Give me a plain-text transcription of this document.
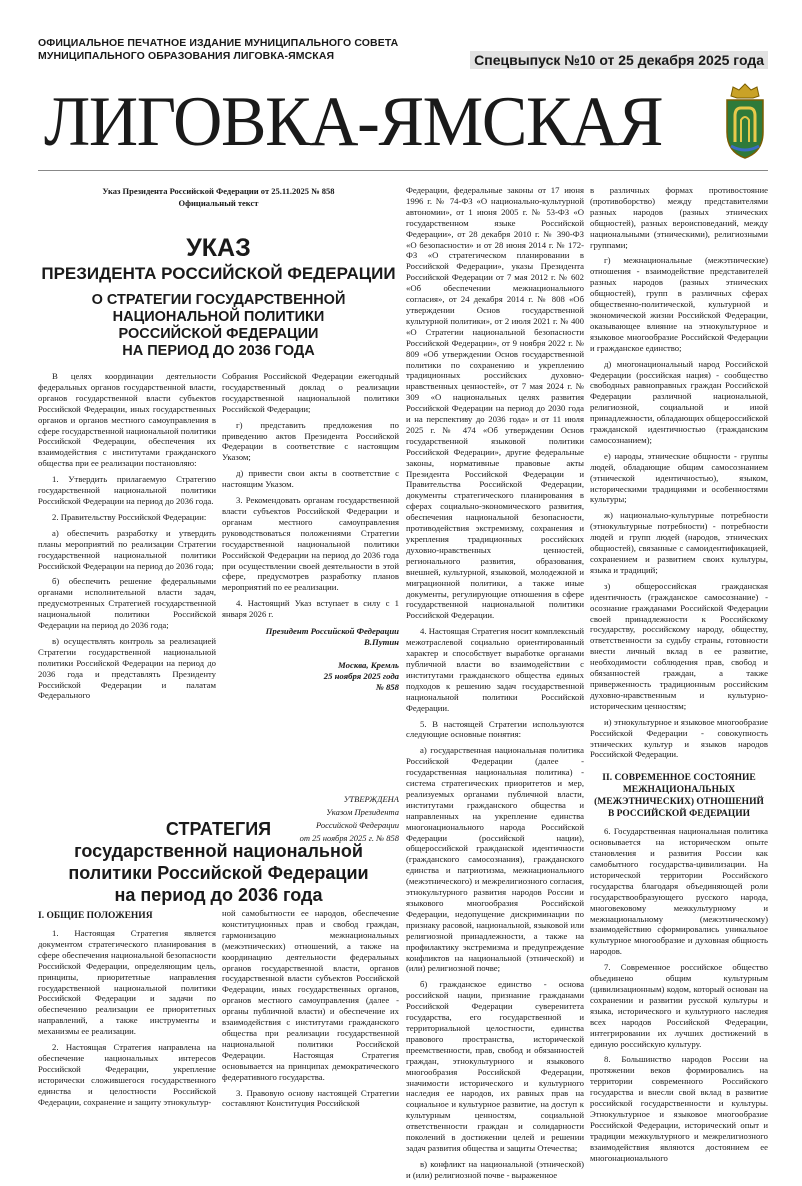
ОФИЦИАЛЬНОЕ ПЕЧАТНОЕ ИЗДАНИЕ МУНИЦИПАЛЬНОГО СОВЕТА
МУНИЦИПАЛЬНОГО ОБРАЗОВАНИЯ ЛИГОВКА-ЯМСКАЯ	Спецвыпуск №10 от 25 декабря 2025 года
ЛИГОВКА-ЯМСКАЯ
Указ Президента Российской Федерации от 25.11.2025 № 858
Официальный текст
УКАЗ
ПРЕЗИДЕНТА РОССИЙСКОЙ ФЕДЕРАЦИИ
О СТРАТЕГИИ ГОСУДАРСТВЕННОЙ
НАЦИОНАЛЬНОЙ ПОЛИТИКИ
РОССИЙСКОЙ ФЕДЕРАЦИИ
НА ПЕРИОД ДО 2036 ГОДА

В целях координации деятельности федеральных органов государственной власти, органов государственной власти субъектов Российской Федерации, иных государственных органов и органов местного самоуправления в сфере государственной национальной политики Российской Федерации, обеспечения их взаимодействия с институтами гражданского общества при ее реализации постановляю:

1. Утвердить прилагаемую Стратегию государственной национальной политики Российской Федерации на период до 2036 года.

2. Правительству Российской Федерации:

а) обеспечить разработку и утвердить планы мероприятий по реализации Стратегии государственной национальной политики Российской Федерации на период до 2036 года;

б) обеспечить решение федеральными органами исполнительной власти задач, предусмотренных Стратегией государственной национальной политики Российской Федерации на период до 2036 года;

в) осуществлять контроль за реализацией Стратегии государственной национальной политики Российской Федерации на период до 2036 года и представлять Президенту Российской Федерации и палатам Федерального

Собрания Российской Федерации ежегодный государственный доклад о реализации государственной национальной политики Российской Федерации;

г) представить предложения по приведению актов Президента Российской Федерации в соответствие с настоящим Указом;

д) привести свои акты в соответствие с настоящим Указом.

3. Рекомендовать органам государственной власти субъектов Российской Федерации и органам местного самоуправления руководствоваться положениями Стратегии государственной национальной политики Российской Федерации на период до 2036 года при осуществлении своей деятельности в этой сфере, предусмотрев разработку планов мероприятий по ее реализации.

4. Настоящий Указ вступает в силу с 1 января 2026 г.

Президент Российской Федерации
В.Путин
Москва, Кремль
25 ноября 2025 года
№ 858
УТВЕРЖДЕНА
Указом Президента
Российской Федерации
от 25 ноября 2025 г. № 858
СТРАТЕГИЯ
государственной национальной
политики Российской Федерации
на период до 2036 года
I. ОБЩИЕ ПОЛОЖЕНИЯ

1. Настоящая Стратегия является документом стратегического планирования в сфере обеспечения национальной безопасности Российской Федерации, определяющим цель, принципы, приоритетные направления государственной национальной политики Российской Федерации и задачи по обеспечению реализации ее приоритетных направлений, а также инструменты и механизмы ее реализации.

2. Настоящая Стратегия направлена на обеспечение национальных интересов Российской Федерации, укрепление исторически сложившегося государственного единства и целостности Российской Федерации, сохранение и защиту этнокультур-

ной самобытности ее народов, обеспечение конституционных прав и свобод граждан, гармонизацию межнациональных (межэтнических) отношений, а также на координацию деятельности федеральных органов государственной власти, органов государственной власти субъектов Российской Федерации, иных государственных органов, органов местного самоуправления (далее - органы публичной власти) и обеспечение их взаимодействия с институтами гражданского общества при реализации государственной национальной политики Российской Федерации. Настоящая Стратегия основывается на принципах демократического федеративного государства.

3. Правовую основу настоящей Стратегии составляют Конституция Российской

Федерации, федеральные законы от 17 июня 1996 г. № 74-ФЗ «О национально-культурной автономии», от 1 июня 2005 г. № 53-ФЗ «О государственном языке Российской Федерации», от 28 декабря 2010 г. № 390-ФЗ «О безопасности» и от 28 июня 2014 г. № 172-ФЗ «О стратегическом планировании в Российской Федерации», указы Президента Российской Федерации от 7 мая 2012 г. № 602 «Об обеспечении межнационального согласия», от 24 декабря 2014 г. № 808 «Об утверждении Основ государственной культурной политики», от 2 июля 2021 г. № 400 «О Стратегии национальной безопасности Российской Федерации», от 9 ноября 2022 г. № 809 «Об утверждении Основ государственной политики по сохранению и укреплению традиционных российских духовно-нравственных ценностей», от 7 мая 2024 г. № 309 «О национальных целях развития Российской Федерации на период до 2030 года и на перспективу до 2036 года» и от 11 июля 2025 г. № 474 «Об утверждении Основ государственной языковой политики Российской Федерации», другие федеральные законы, нормативные правовые акты Президента Российской Федерации и Правительства Российской Федерации, документы стратегического планирования в сферах социально-экономического развития, обеспечения национальной безопасности, противодействия экстремизму, сохранения и укрепления традиционных российских духовно-нравственных ценностей, регионального развития, образования, внешней, культурной, языковой, молодежной и миграционной политики, а также иные документы, регулирующие отношения в сфере государственной национальной политики Российской Федерации.

4. Настоящая Стратегия носит комплексный межотраслевой социально ориентированный характер и способствует выработке органами публичной власти во взаимодействии с институтами гражданского общества единых подходов к решению задач государственной национальной политики Российской Федерации.

5. В настоящей Стратегии используются следующие основные понятия:

а) государственная национальная политика Российской Федерации (далее - государственная национальная политика) - система стратегических приоритетов и мер, реализуемых органами публичной власти, институтами гражданского общества и направленных на укрепление единства многонационального народа Российской Федерации (российской нации), общероссийской гражданской идентичности (гражданского самосознания), гражданского единства и патриотизма, межнационального (межэтнического) и межрелигиозного согласия, этнокультурного развития народов России и языкового многообразия Российской Федерации, недопущение дискриминации по признаку расовой, национальной, языковой или религиозной принадлежности, а также на профилактику экстремизма и предупреждение конфликтов на национальной (этнической) и (или) религиозной почве;

б) гражданское единство - основа российской нации, признание гражданами Российской Федерации суверенитета государства, его государственной и территориальной целостности, единства правового пространства, исторической преемственности, прав, свобод и обязанностей граждан, этнокультурного и языкового многообразия Российской Федерации, значимости исторического и культурного наследия ее народов, их равных прав на социальное и культурное развитие, на доступ к культурным ценностям, социальной ответственности граждан и солидарности поколений в достижении целей и решении задач развития общества и защиты Отечества;

в) конфликт на национальной (этнической) и (или) религиозной почве - выраженное

в различных формах противостояние (противоборство) между представителями разных народов (разных этнических общностей), разных вероисповеданий, между национальными (этническими), религиозными группами;

г) межнациональные (межэтнические) отношения - взаимодействие представителей разных народов (разных этнических общностей), групп в различных сферах общественно-политической, культурной и экономической жизни Российской Федерации, оказывающее влияние на этнокультурное и языковое многообразие Российской Федерации и гражданское единство;

д) многонациональный народ Российской Федерации (российская нация) - сообщество свободных равноправных граждан Российской Федерации различной национальной, религиозной, социальной и иной принадлежности, обладающих общероссийской гражданской идентичностью (гражданским самосознанием);

е) народы, этнические общности - группы людей, обладающие общим самосознанием (этнической идентичностью), языком, историческими традициями и особенностями культуры;

ж) национально-культурные потребности (этнокультурные потребности) - потребности людей и групп людей (народов, этнических общностей), связанные с самоидентификацией, сохранением и развитием своих культуры, языка и традиций;

з) общероссийская гражданская идентичность (гражданское самосознание) - осознание гражданами Российской Федерации своей принадлежности к Российскому государству, российскому народу, обществу, ответственности за судьбу страны, готовности внести личный вклад в ее развитие, необходимости соблюдения прав, свобод и обязанностей граждан, а также приверженность традиционным российским духовно-нравственным и культурно-историческим ценностям;

и) этнокультурное и языковое многообразие Российской Федерации - совокупность этнических культур и языков народов Российской Федерации.

II. СОВРЕМЕННОЕ СОСТОЯНИЕ МЕЖНАЦИОНАЛЬНЫХ (МЕЖЭТНИЧЕСКИХ) ОТНОШЕНИЙ В РОССИЙСКОЙ ФЕДЕРАЦИИ

6. Государственная национальная политика основывается на историческом опыте становления и развития России как самобытного государства-цивилизации. На исторической территории Российского государства благодаря объединяющей роли государствообразующего русского народа, многовековому межкультурному и межнациональному (межэтническому) взаимодействию сформировались уникальное культурное многообразие и духовная общность народов.

7. Современное российское общество объединено общим культурным (цивилизационным) кодом, который основан на сохранении и развитии русской культуры и языка, исторического и культурного наследия всех народов Российской Федерации, интегрировании их лучших достижений в единую российскую культуру.

8. Большинство народов России на протяжении веков формировались на территории современного Российского государства и внесли свой вклад в развитие российской государственности и культуры. Этнокультурное и языковое многообразие Российской Федерации, исторический опыт и традиции межкультурного и межрелигиозного взаимодействия являются достоянием ее многонационального
